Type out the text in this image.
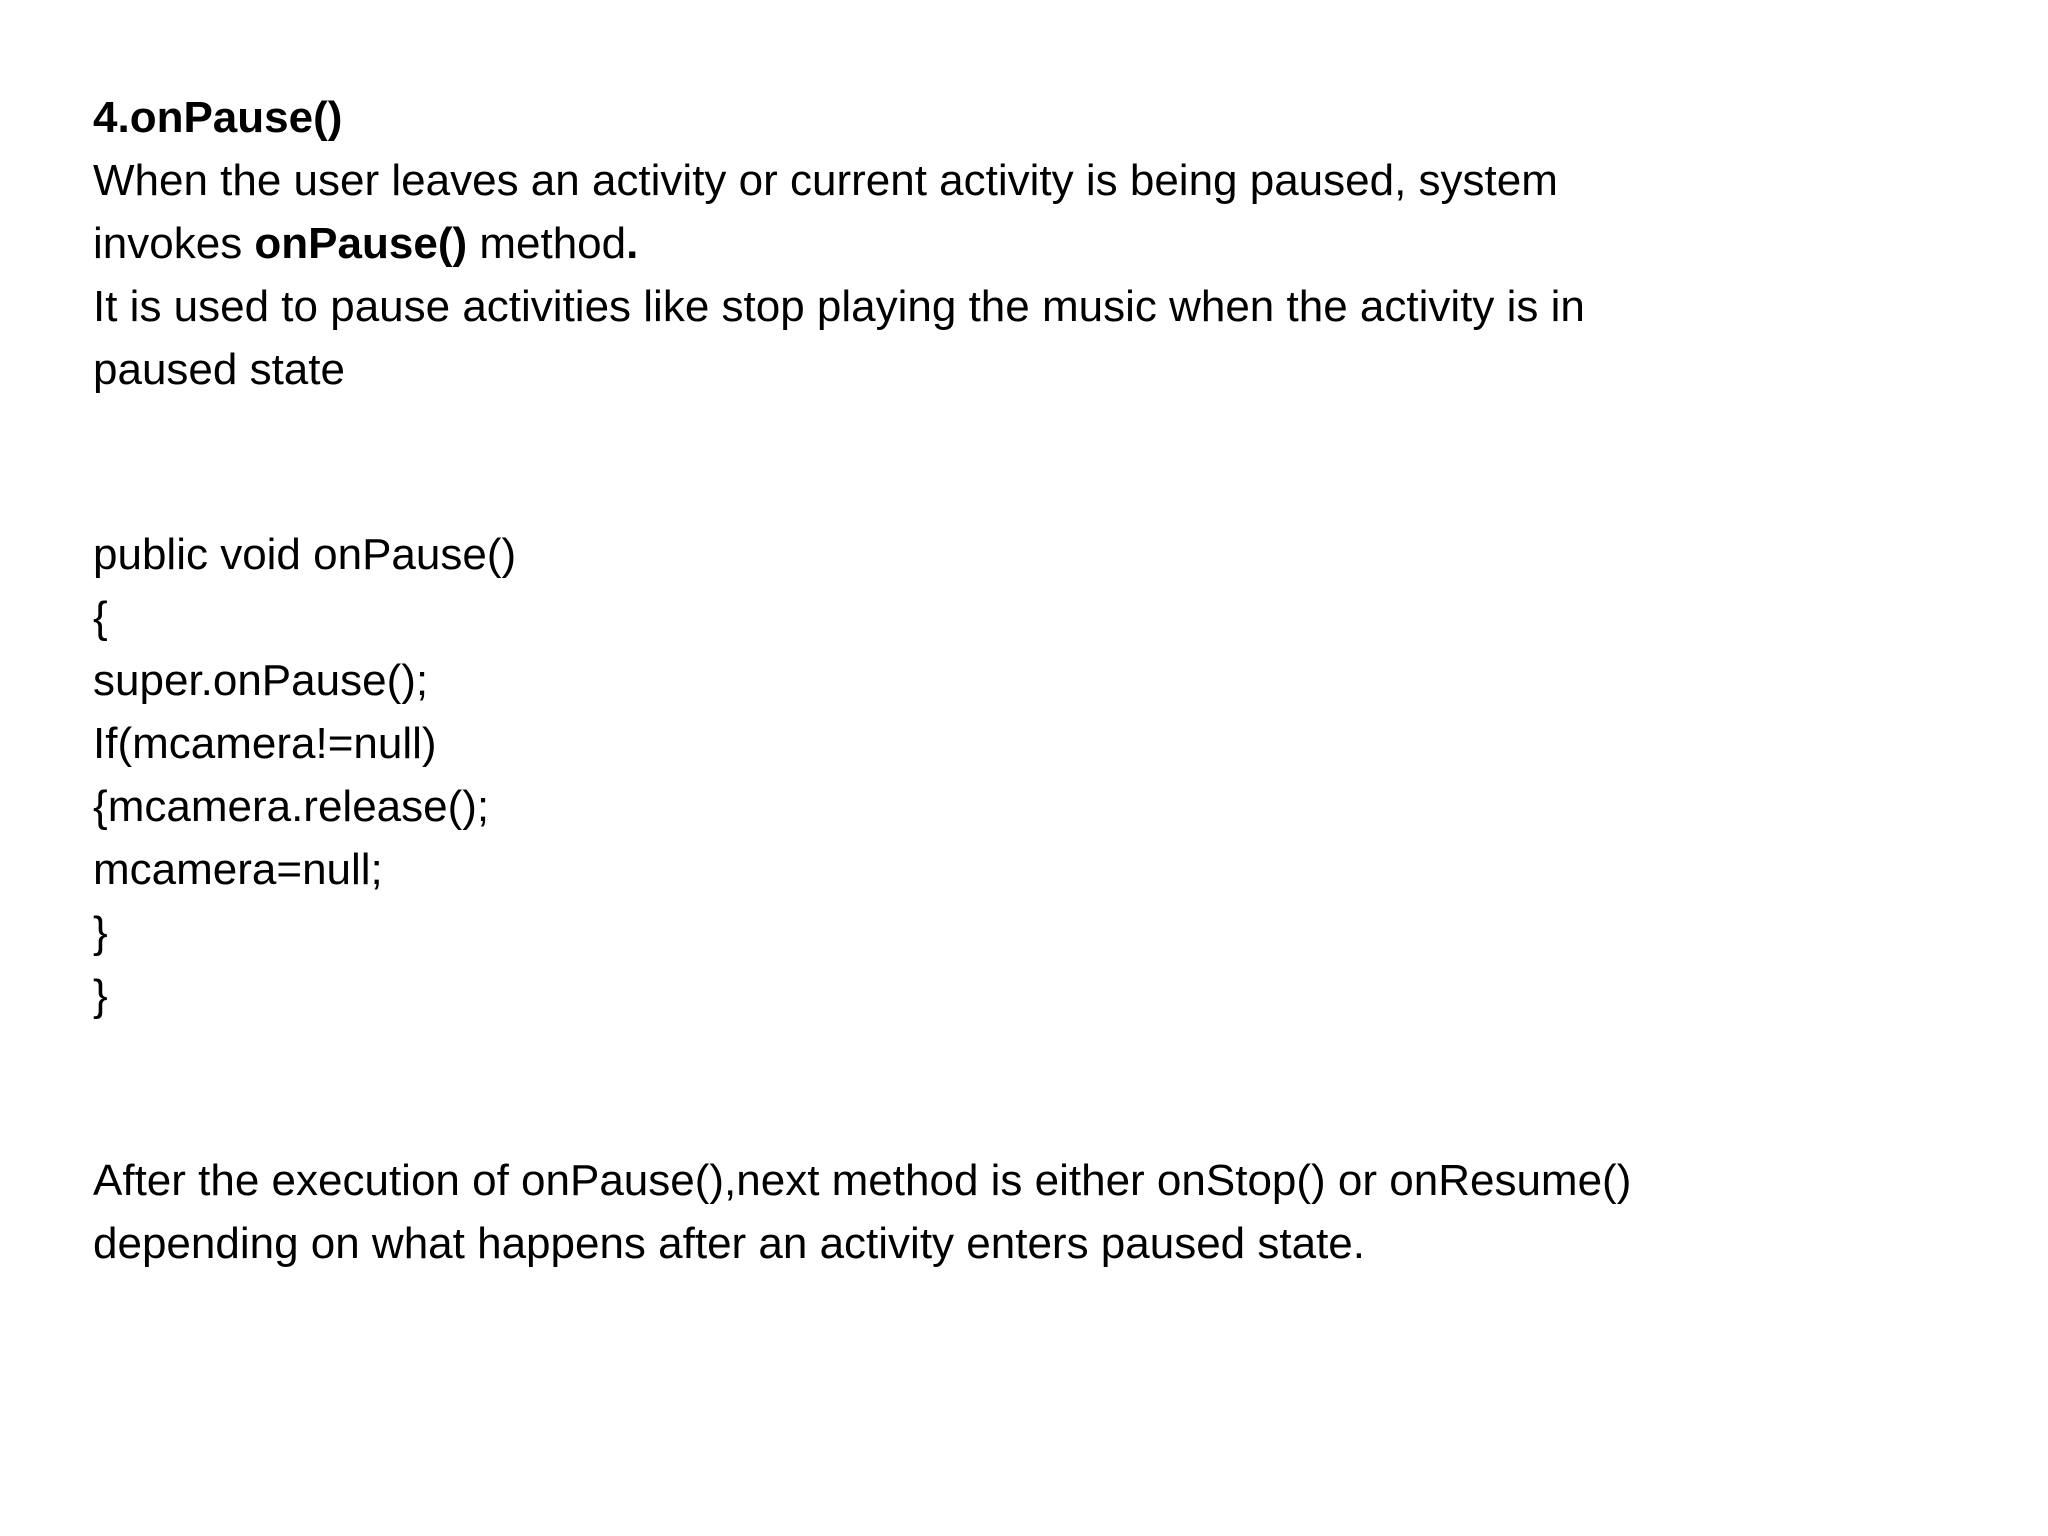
4.onPause()
When the user leaves an activity or current activity is being paused, system
invokes onPause() method.
It is used to pause activities like stop playing the music when the activity is in
paused state
public void onPause()
{
super.onPause();
If(mcamera!=null)
{mcamera.release();
mcamera=null;
}
}
After the execution of onPause(),next method is either onStop() or onResume()
depending on what happens after an activity enters paused state.
